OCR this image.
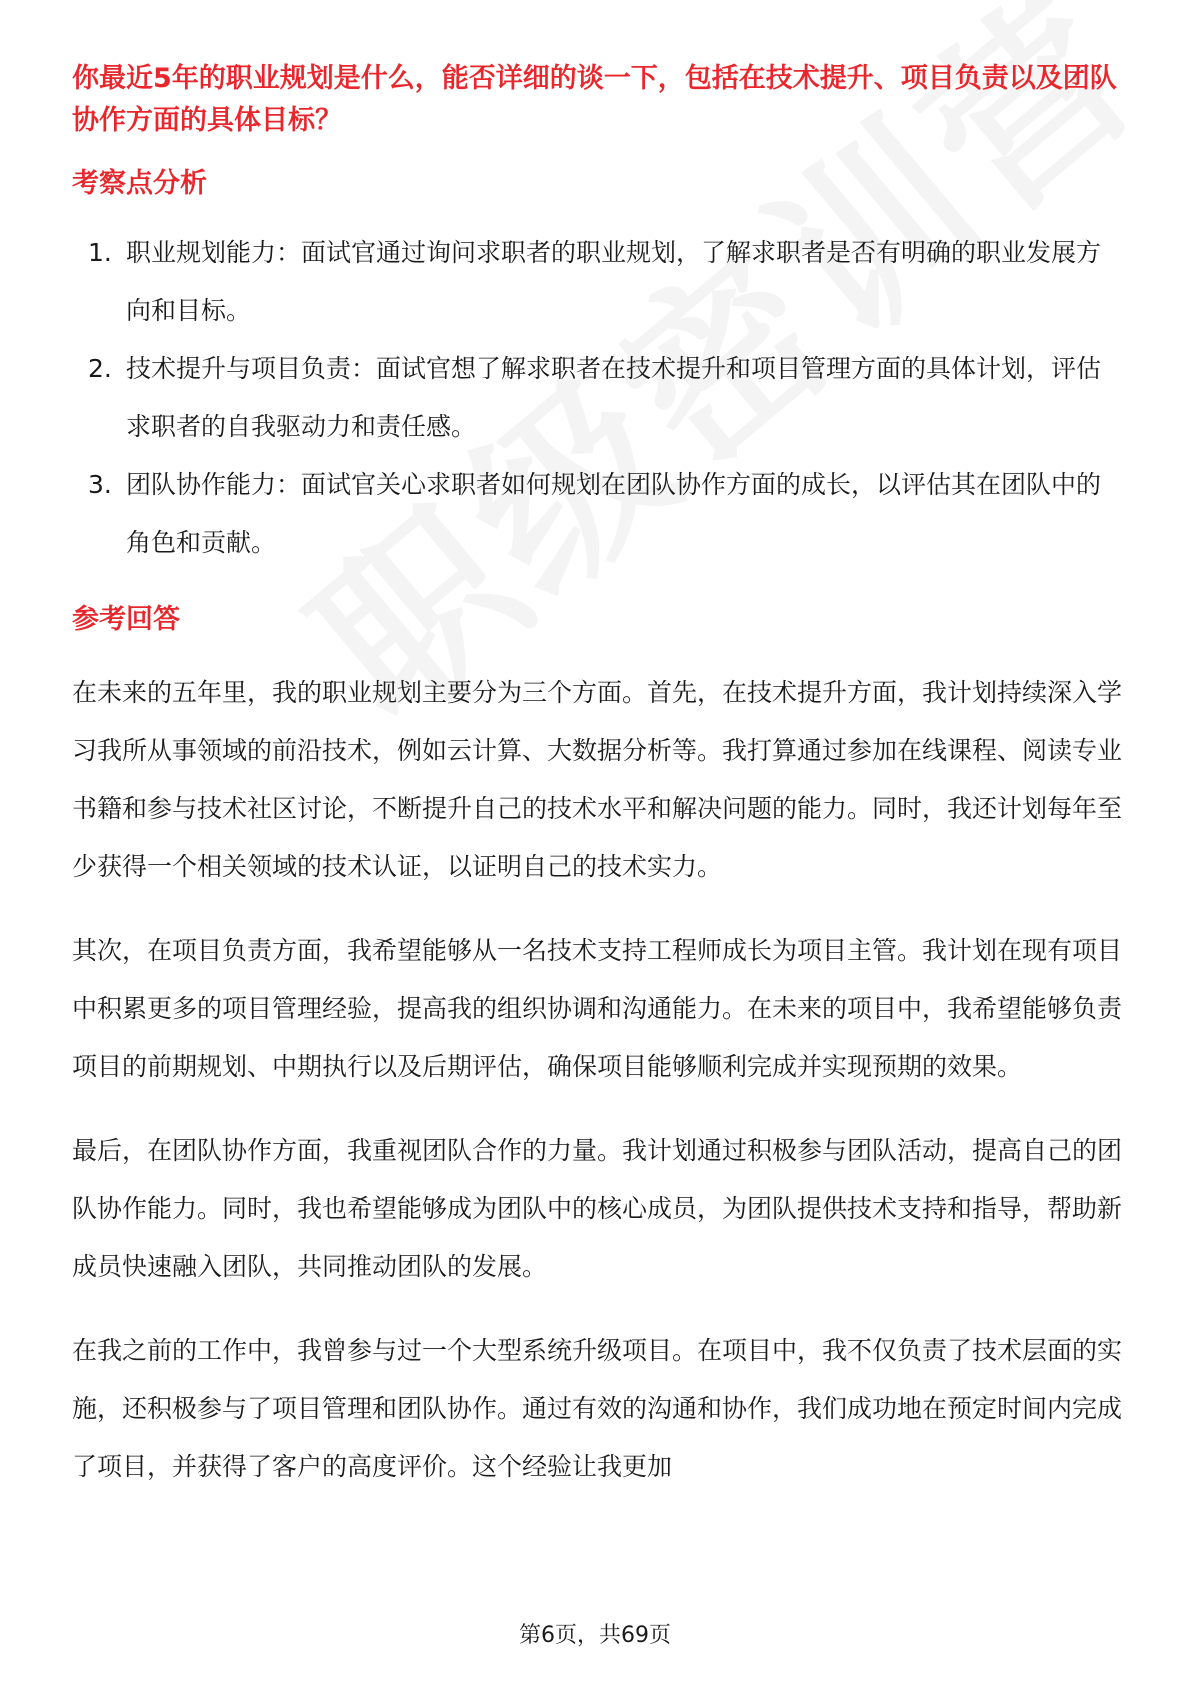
你最近5年的职业规划是什么，能否详细的谈一下，包括在技术提升、项目负责以及团队协作方面的具体目标？
考察点分析
1. 职业规划能力：面试官通过询问求职者的职业规划，了解求职者是否有明确的职业发展方向和目标。
2. 技术提升与项目负责：面试官想了解求职者在技术提升和项目管理方面的具体计划，评估求职者的自我驱动力和责任感。
3. 团队协作能力：面试官关心求职者如何规划在团队协作方面的成长，以评估其在团队中的角色和贡献。
参考回答

在未来的五年里，我的职业规划主要分为三个方面。首先，在技术提升方面，我计划持续深入学习我所从事领域的前沿技术，例如云计算、大数据分析等。我打算通过参加在线课程、阅读专业书籍和参与技术社区讨论，不断提升自己的技术水平和解决问题的能力。同时，我还计划每年至少获得一个相关领域的技术认证，以证明自己的技术实力。

其次，在项目负责方面，我希望能够从一名技术支持工程师成长为项目主管。我计划在现有项目中积累更多的项目管理经验，提高我的组织协调和沟通能力。在未来的项目中，我希望能够负责项目的前期规划、中期执行以及后期评估，确保项目能够顺利完成并实现预期的效果。

最后，在团队协作方面，我重视团队合作的力量。我计划通过积极参与团队活动，提高自己的团队协作能力。同时，我也希望能够成为团队中的核心成员，为团队提供技术支持和指导，帮助新成员快速融入团队，共同推动团队的发展。

在我之前的工作中，我曾参与过一个大型系统升级项目。在项目中，我不仅负责了技术层面的实施，还积极参与了项目管理和团队协作。通过有效的沟通和协作，我们成功地在预定时间内完成了项目，并获得了客户的高度评价。这个经验让我更加

第6页，共69页
